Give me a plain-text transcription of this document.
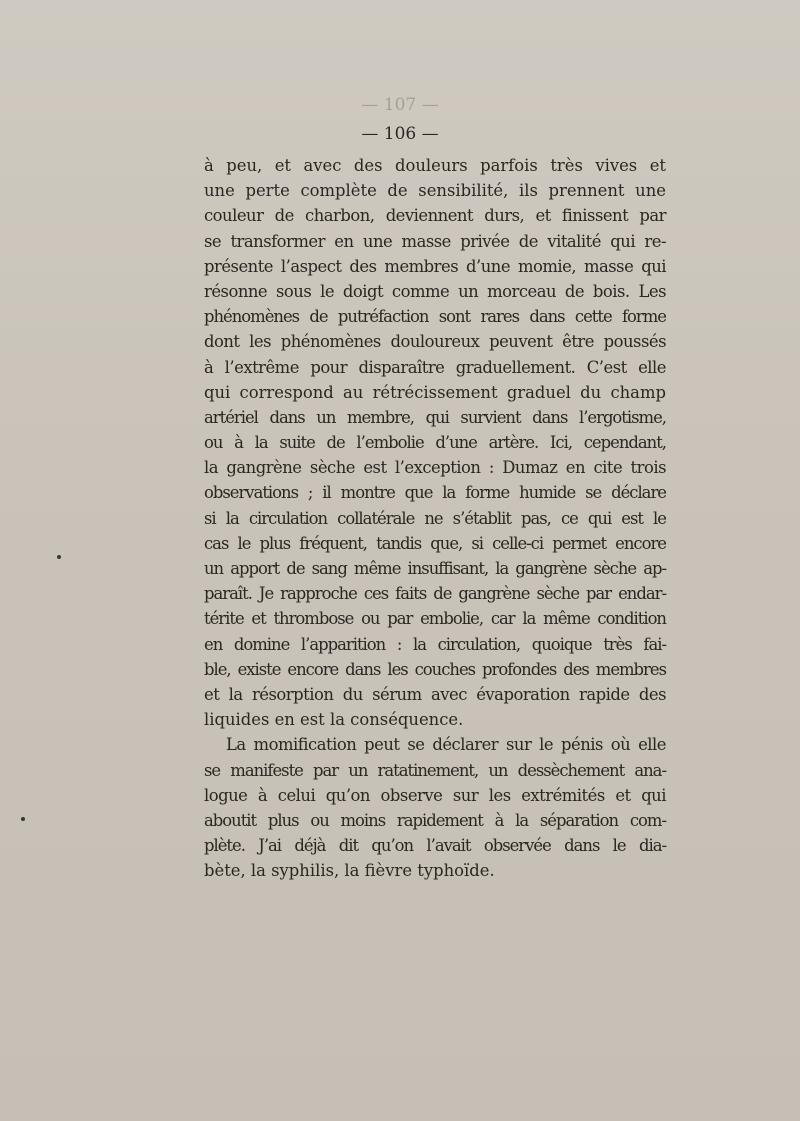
— 107 —
— 106 —
à peu, et avec des douleurs parfois très vives et
une perte complète de sensibilité, ils prennent une
couleur de charbon, deviennent durs, et finissent par
se transformer en une masse privée de vitalité qui re-
présente l’aspect des membres d’une momie, masse qui
résonne sous le doigt comme un morceau de bois. Les
phénomènes de putréfaction sont rares dans cette forme
dont les phénomènes douloureux peuvent être poussés
à l’extrême pour disparaître graduellement. C’est elle
qui correspond au rétrécissement graduel du champ
artériel dans un membre, qui survient dans l’ergotisme,
ou à la suite de l’embolie d’une artère. Ici, cependant,
la gangrène sèche est l’exception : Dumaz en cite trois
observations ; il montre que la forme humide se déclare
si la circulation collatérale ne s’établit pas, ce qui est le
cas le plus fréquent, tandis que, si celle-ci permet encore
un apport de sang même insuffisant, la gangrène sèche ap-
paraît. Je rapproche ces faits de gangrène sèche par endar-
térite et thrombose ou par embolie, car la même condition
en domine l’apparition : la circulation, quoique très fai-
ble, existe encore dans les couches profondes des membres
et la résorption du sérum avec évaporation rapide des
liquides en est la conséquence.
La momification peut se déclarer sur le pénis où elle
se manifeste par un ratatinement, un dessèchement ana-
logue à celui qu’on observe sur les extrémités et qui
aboutit plus ou moins rapidement à la séparation com-
plète. J’ai déjà dit qu’on l’avait observée dans le dia-
bète, la syphilis, la fièvre typhoïde.
